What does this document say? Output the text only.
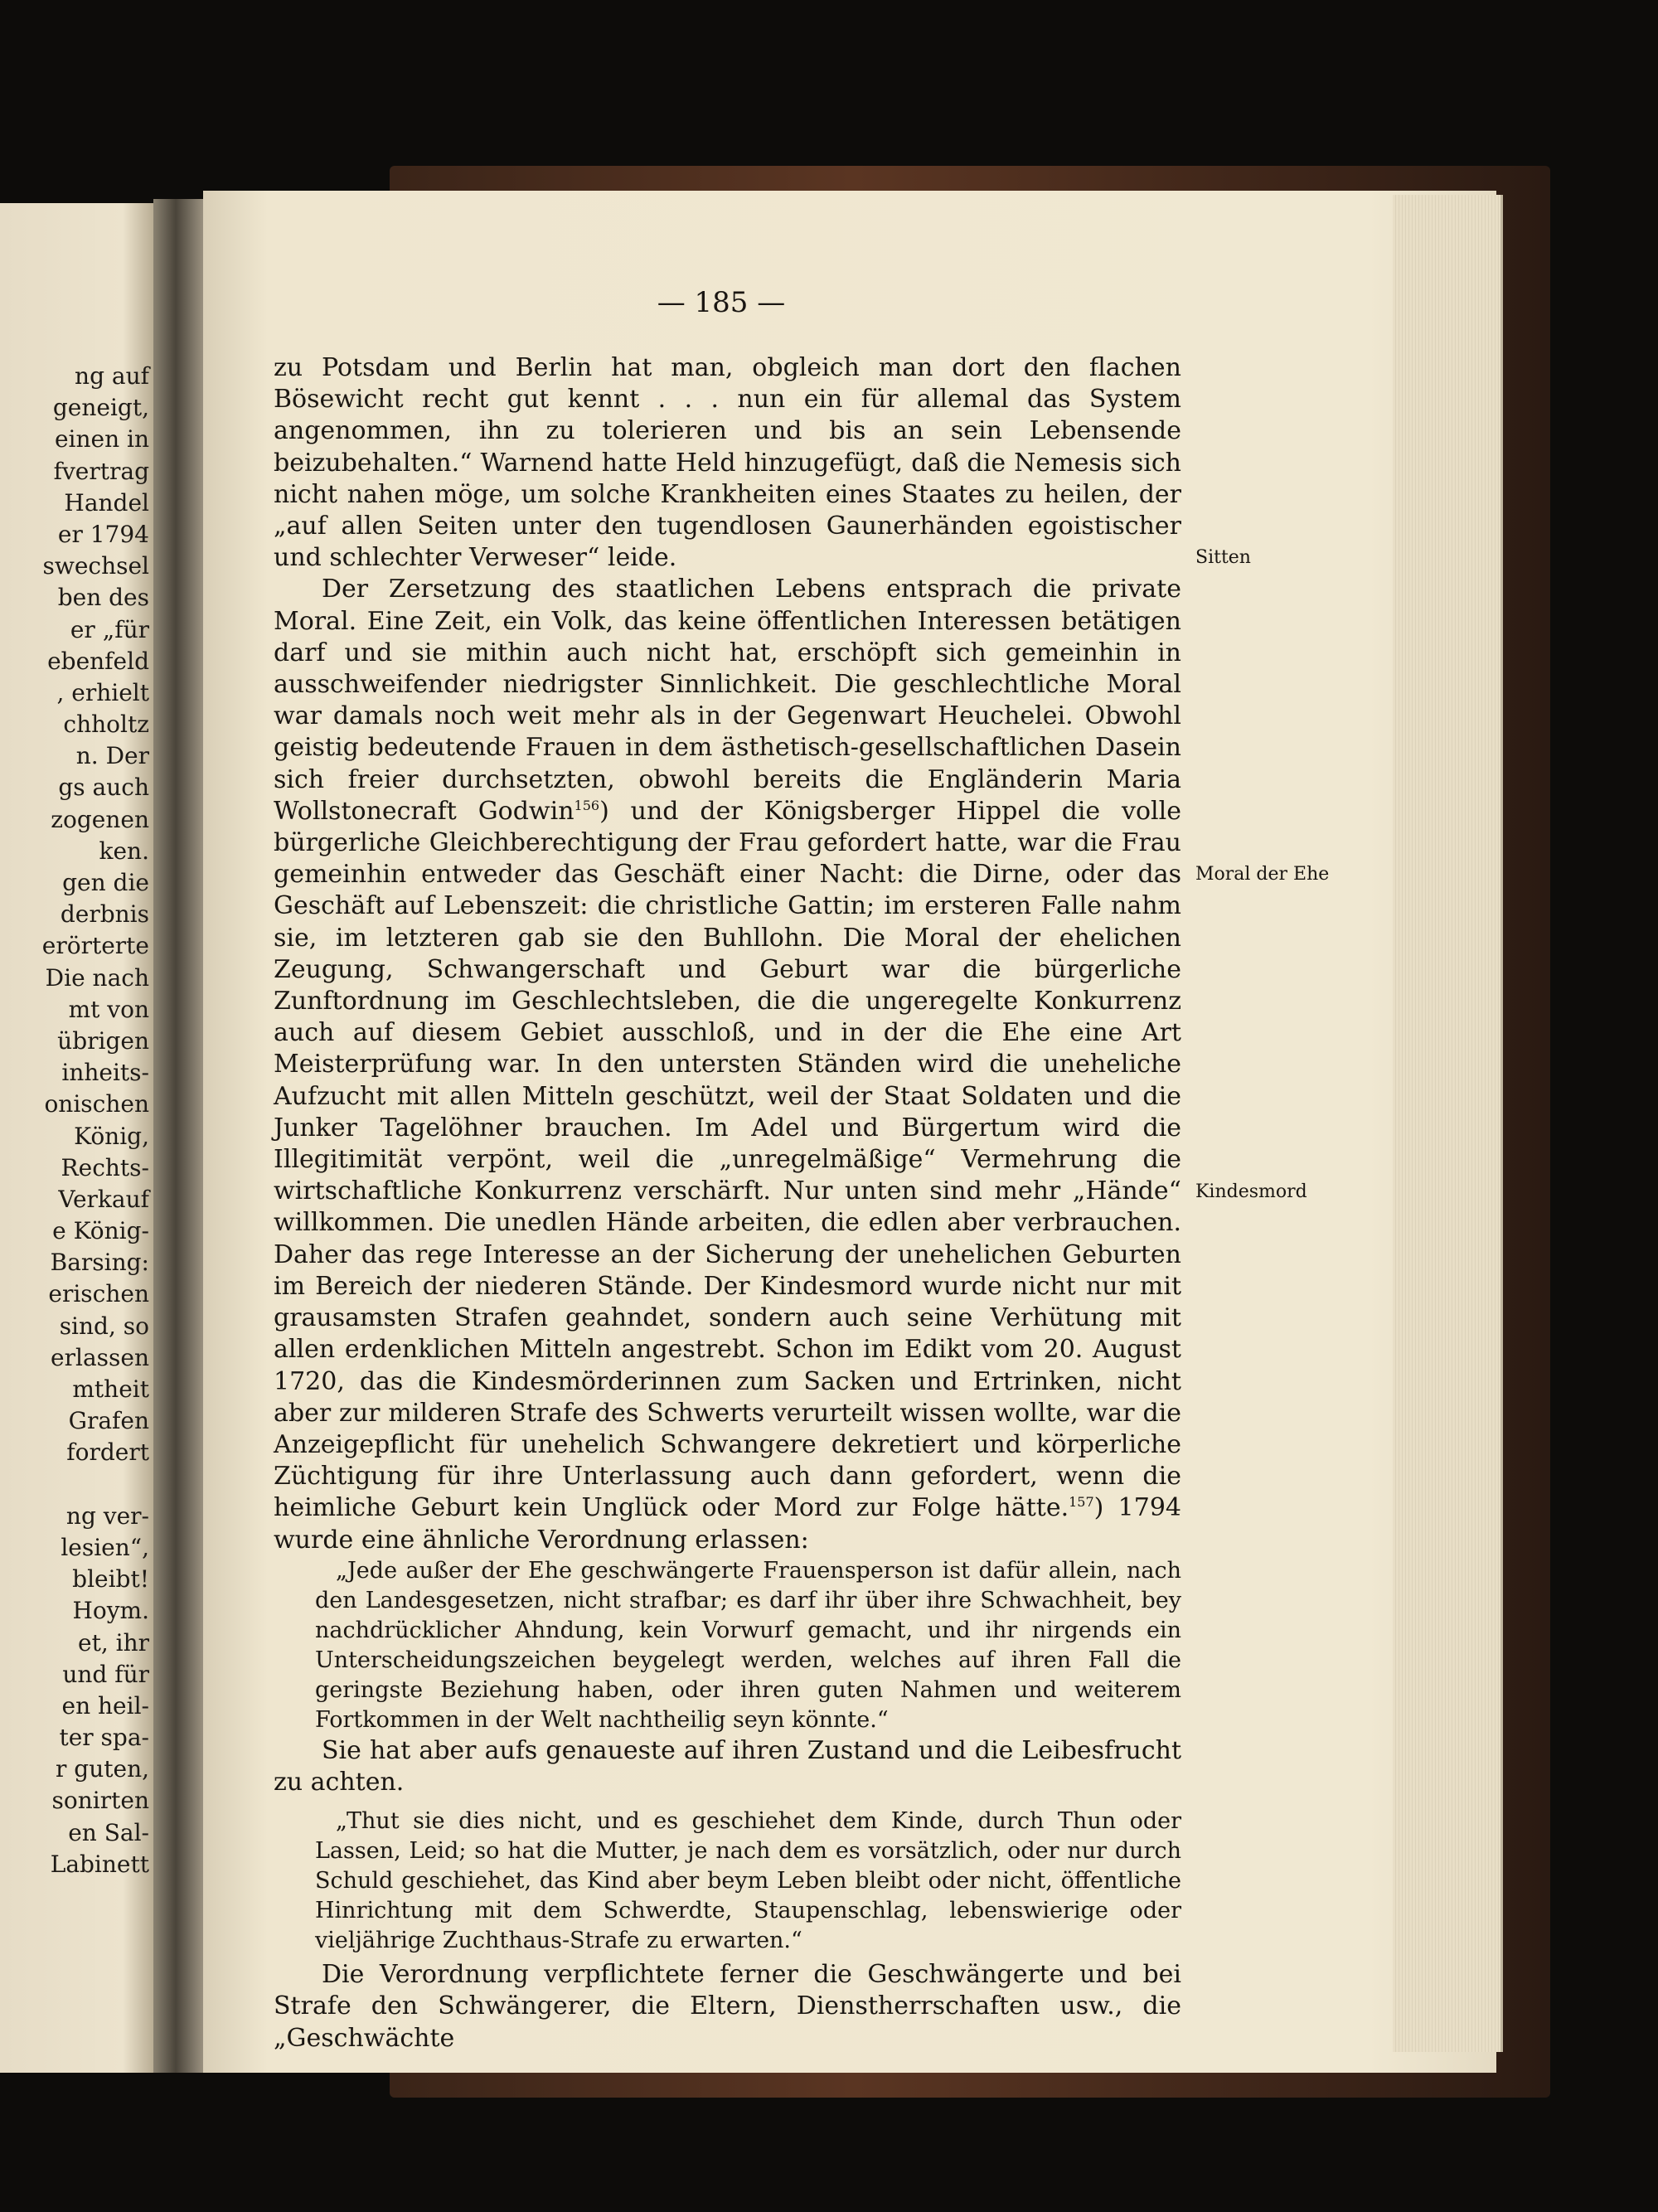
ng auf
geneigt,
einen in
fvertrag
Handel
er 1794
swechsel
ben des
er „für
ebenfeld
, erhielt
chholtz
n. Der
gs auch
zogenen
ken.
gen die
derbnis
erörterte
Die nach
mt von
übrigen
inheits-
onischen
König,
Rechts-
Verkauf
e König-
Barsing:
erischen
sind, so
erlassen
mtheit
Grafen
fordert
ng ver-
lesien“,
bleibt!
Hoym.
et, ihr
und für
en heil-
ter spa-
r guten,
sonirten
en Sal-
Labinett
— 185 —
Sitten
Moral der Ehe
Kindesmord

zu Potsdam und Berlin hat man, obgleich man dort den flachen Bösewicht recht gut kennt . . . nun ein für allemal das System angenommen, ihn zu tolerieren und bis an sein Lebensende beizubehalten.“ Warnend hatte Held hinzugefügt, daß die Nemesis sich nicht nahen möge, um solche Krankheiten eines Staates zu heilen, der „auf allen Seiten unter den tugendlosen Gaunerhänden egoistischer und schlechter Verweser“ leide.

Der Zersetzung des staatlichen Lebens entsprach die private Moral. Eine Zeit, ein Volk, das keine öffentlichen Interessen betätigen darf und sie mithin auch nicht hat, erschöpft sich gemeinhin in ausschweifender niedrigster Sinnlichkeit. Die geschlechtliche Moral war damals noch weit mehr als in der Gegenwart Heuchelei. Obwohl geistig bedeutende Frauen in dem ästhetisch-gesellschaftlichen Dasein sich freier durchsetzten, obwohl bereits die Engländerin Maria Wollstonecraft Godwin$^{156}$) und der Königsberger Hippel die volle bürgerliche Gleichberechtigung der Frau gefordert hatte, war die Frau gemeinhin entweder das Geschäft einer Nacht: die Dirne, oder das Geschäft auf Lebenszeit: die christliche Gattin; im ersteren Falle nahm sie, im letzteren gab sie den Buhllohn. Die Moral der ehelichen Zeugung, Schwangerschaft und Geburt war die bürgerliche Zunftordnung im Geschlechtsleben, die die ungeregelte Konkurrenz auch auf diesem Gebiet ausschloß, und in der die Ehe eine Art Meisterprüfung war. In den untersten Ständen wird die uneheliche Aufzucht mit allen Mitteln geschützt, weil der Staat Soldaten und die Junker Tagelöhner brauchen. Im Adel und Bürgertum wird die Illegitimität verpönt, weil die „unregelmäßige“ Vermehrung die wirtschaftliche Konkurrenz verschärft. Nur unten sind mehr „Hände“ willkommen. Die unedlen Hände arbeiten, die edlen aber verbrauchen. Daher das rege Interesse an der Sicherung der unehelichen Geburten im Bereich der niederen Stände. Der Kindesmord wurde nicht nur mit grausamsten Strafen geahndet, sondern auch seine Verhütung mit allen erdenklichen Mitteln angestrebt. Schon im Edikt vom 20. August 1720, das die Kindesmörderinnen zum Sacken und Ertrinken, nicht aber zur milderen Strafe des Schwerts verurteilt wissen wollte, war die Anzeigepflicht für unehelich Schwangere dekretiert und körperliche Züchtigung für ihre Unterlassung auch dann gefordert, wenn die heimliche Geburt kein Unglück oder Mord zur Folge hätte.$^{157}$) 1794 wurde eine ähnliche Verordnung erlassen:

„Jede außer der Ehe geschwängerte Frauensperson ist dafür allein, nach den Landesgesetzen, nicht strafbar; es darf ihr über ihre Schwachheit, bey nachdrücklicher Ahndung, kein Vorwurf gemacht, und ihr nirgends ein Unterscheidungszeichen beygelegt werden, welches auf ihren Fall die geringste Beziehung haben, oder ihren guten Nahmen und weiterem Fortkommen in der Welt nachtheilig seyn könnte.“

Sie hat aber aufs genaueste auf ihren Zustand und die Leibesfrucht zu achten.

„Thut sie dies nicht, und es geschiehet dem Kinde, durch Thun oder Lassen, Leid; so hat die Mutter, je nach dem es vorsätzlich, oder nur durch Schuld geschiehet, das Kind aber beym Leben bleibt oder nicht, öffentliche Hinrichtung mit dem Schwerdte, Staupenschlag, lebenswierige oder vieljährige Zuchthaus-Strafe zu erwarten.“

Die Verordnung verpflichtete ferner die Geschwängerte und bei Strafe den Schwängerer, die Eltern, Dienstherrschaften usw., die „Geschwächte
